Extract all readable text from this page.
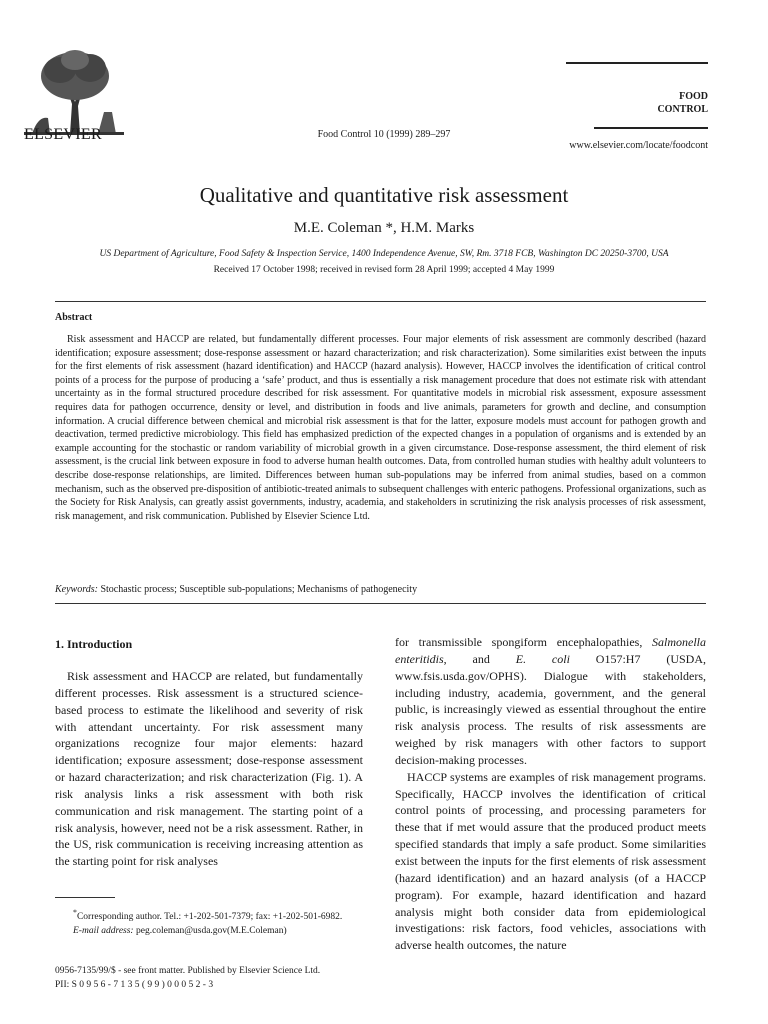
ELSEVIER	Food Control 10 (1999) 289–297
FOOD
CONTROL
www.elsevier.com/locate/foodcont
Qualitative and quantitative risk assessment
M.E. Coleman *, H.M. Marks
US Department of Agriculture, Food Safety & Inspection Service, 1400 Independence Avenue, SW, Rm. 3718 FCB, Washington DC 20250-3700, USA
Received 17 October 1998; received in revised form 28 April 1999; accepted 4 May 1999
Abstract

Risk assessment and HACCP are related, but fundamentally different processes. Four major elements of risk assessment are commonly described (hazard identification; exposure assessment; dose-response assessment or hazard characterization; and risk characterization). Some similarities exist between the inputs for the first elements of risk assessment (hazard identification) and HACCP (hazard analysis). However, HACCP involves the identification of critical control points of a process for the purpose of producing a ‘safe’ product, and thus is essentially a risk management procedure that does not estimate risk with attendant uncertainty as in the formal structured procedure described for risk assessment. For quantitative models in microbial risk assessment, exposure assessment requires data for pathogen occurrence, density or level, and distribution in foods and live animals, parameters for growth and decline, and consumption information. A crucial difference between chemical and microbial risk assessment is that for the latter, exposure models must account for pathogen growth and deactivation, termed predictive microbiology. This field has emphasized prediction of the expected changes in a population of organisms and is extended by an example accounting for the stochastic or random variability of microbial growth in a given circumstance. Dose-response assessment, the third element of risk assessment, is the crucial link between exposure in food to adverse human health outcomes. Data, from controlled human studies with healthy adult volunteers to describe dose-response relationships, are limited. Differences between human sub-populations may be inferred from animal studies, based on a common mechanism, such as the observed pre-disposition of antibiotic-treated animals to subsequent challenges with enteric pathogens. Professional organizations, such as the Society for Risk Analysis, can greatly assist governments, industry, academia, and stakeholders in scrutinizing the risk analysis processes of risk assessment, risk management, and risk communication. Published by Elsevier Science Ltd.

Keywords: Stochastic process; Susceptible sub-populations; Mechanisms of pathogenecity
1. Introduction

Risk assessment and HACCP are related, but fundamentally different processes. Risk assessment is a structured science-based process to estimate the likelihood and severity of risk with attendant uncertainty. For risk assessment many organizations recognize four major elements: hazard identification; exposure assessment; dose-response assessment or hazard characterization; and risk characterization (Fig. 1). A risk analysis links a risk assessment with both risk communication and risk management. The starting point of a risk analysis, however, need not be a risk assessment. Rather, in the US, risk communication is receiving increasing attention as the starting point for risk analyses

for transmissible spongiform encephalopathies, Salmonella enteritidis, and E. coli O157:H7 (USDA, www.fsis.usda.gov/OPHS). Dialogue with stakeholders, including industry, academia, government, and the general public, is increasingly viewed as essential throughout the entire risk analysis process. The results of risk assessments are weighed by risk managers with other factors to support decision-making processes.

HACCP systems are examples of risk management programs. Specifically, HACCP involves the identification of critical control points of processing, and processing parameters for these that if met would assure that the produced product meets specified standards that imply a safe product. Some similarities exist between the inputs for the first elements of risk assessment (hazard identification) and an hazard analysis (of a HACCP program). For example, hazard identification and hazard analysis might both consider data from epidemiological investigations: risk factors, food vehicles, associations with adverse health outcomes, the nature

*Corresponding author. Tel.: +1-202-501-7379; fax: +1-202-501-6982.
E-mail address: peg.coleman@usda.gov(M.E.Coleman)
0956-7135/99/$ - see front matter. Published by Elsevier Science Ltd.
PII: S 0 9 5 6 - 7 1 3 5 ( 9 9 ) 0 0 0 5 2 - 3
